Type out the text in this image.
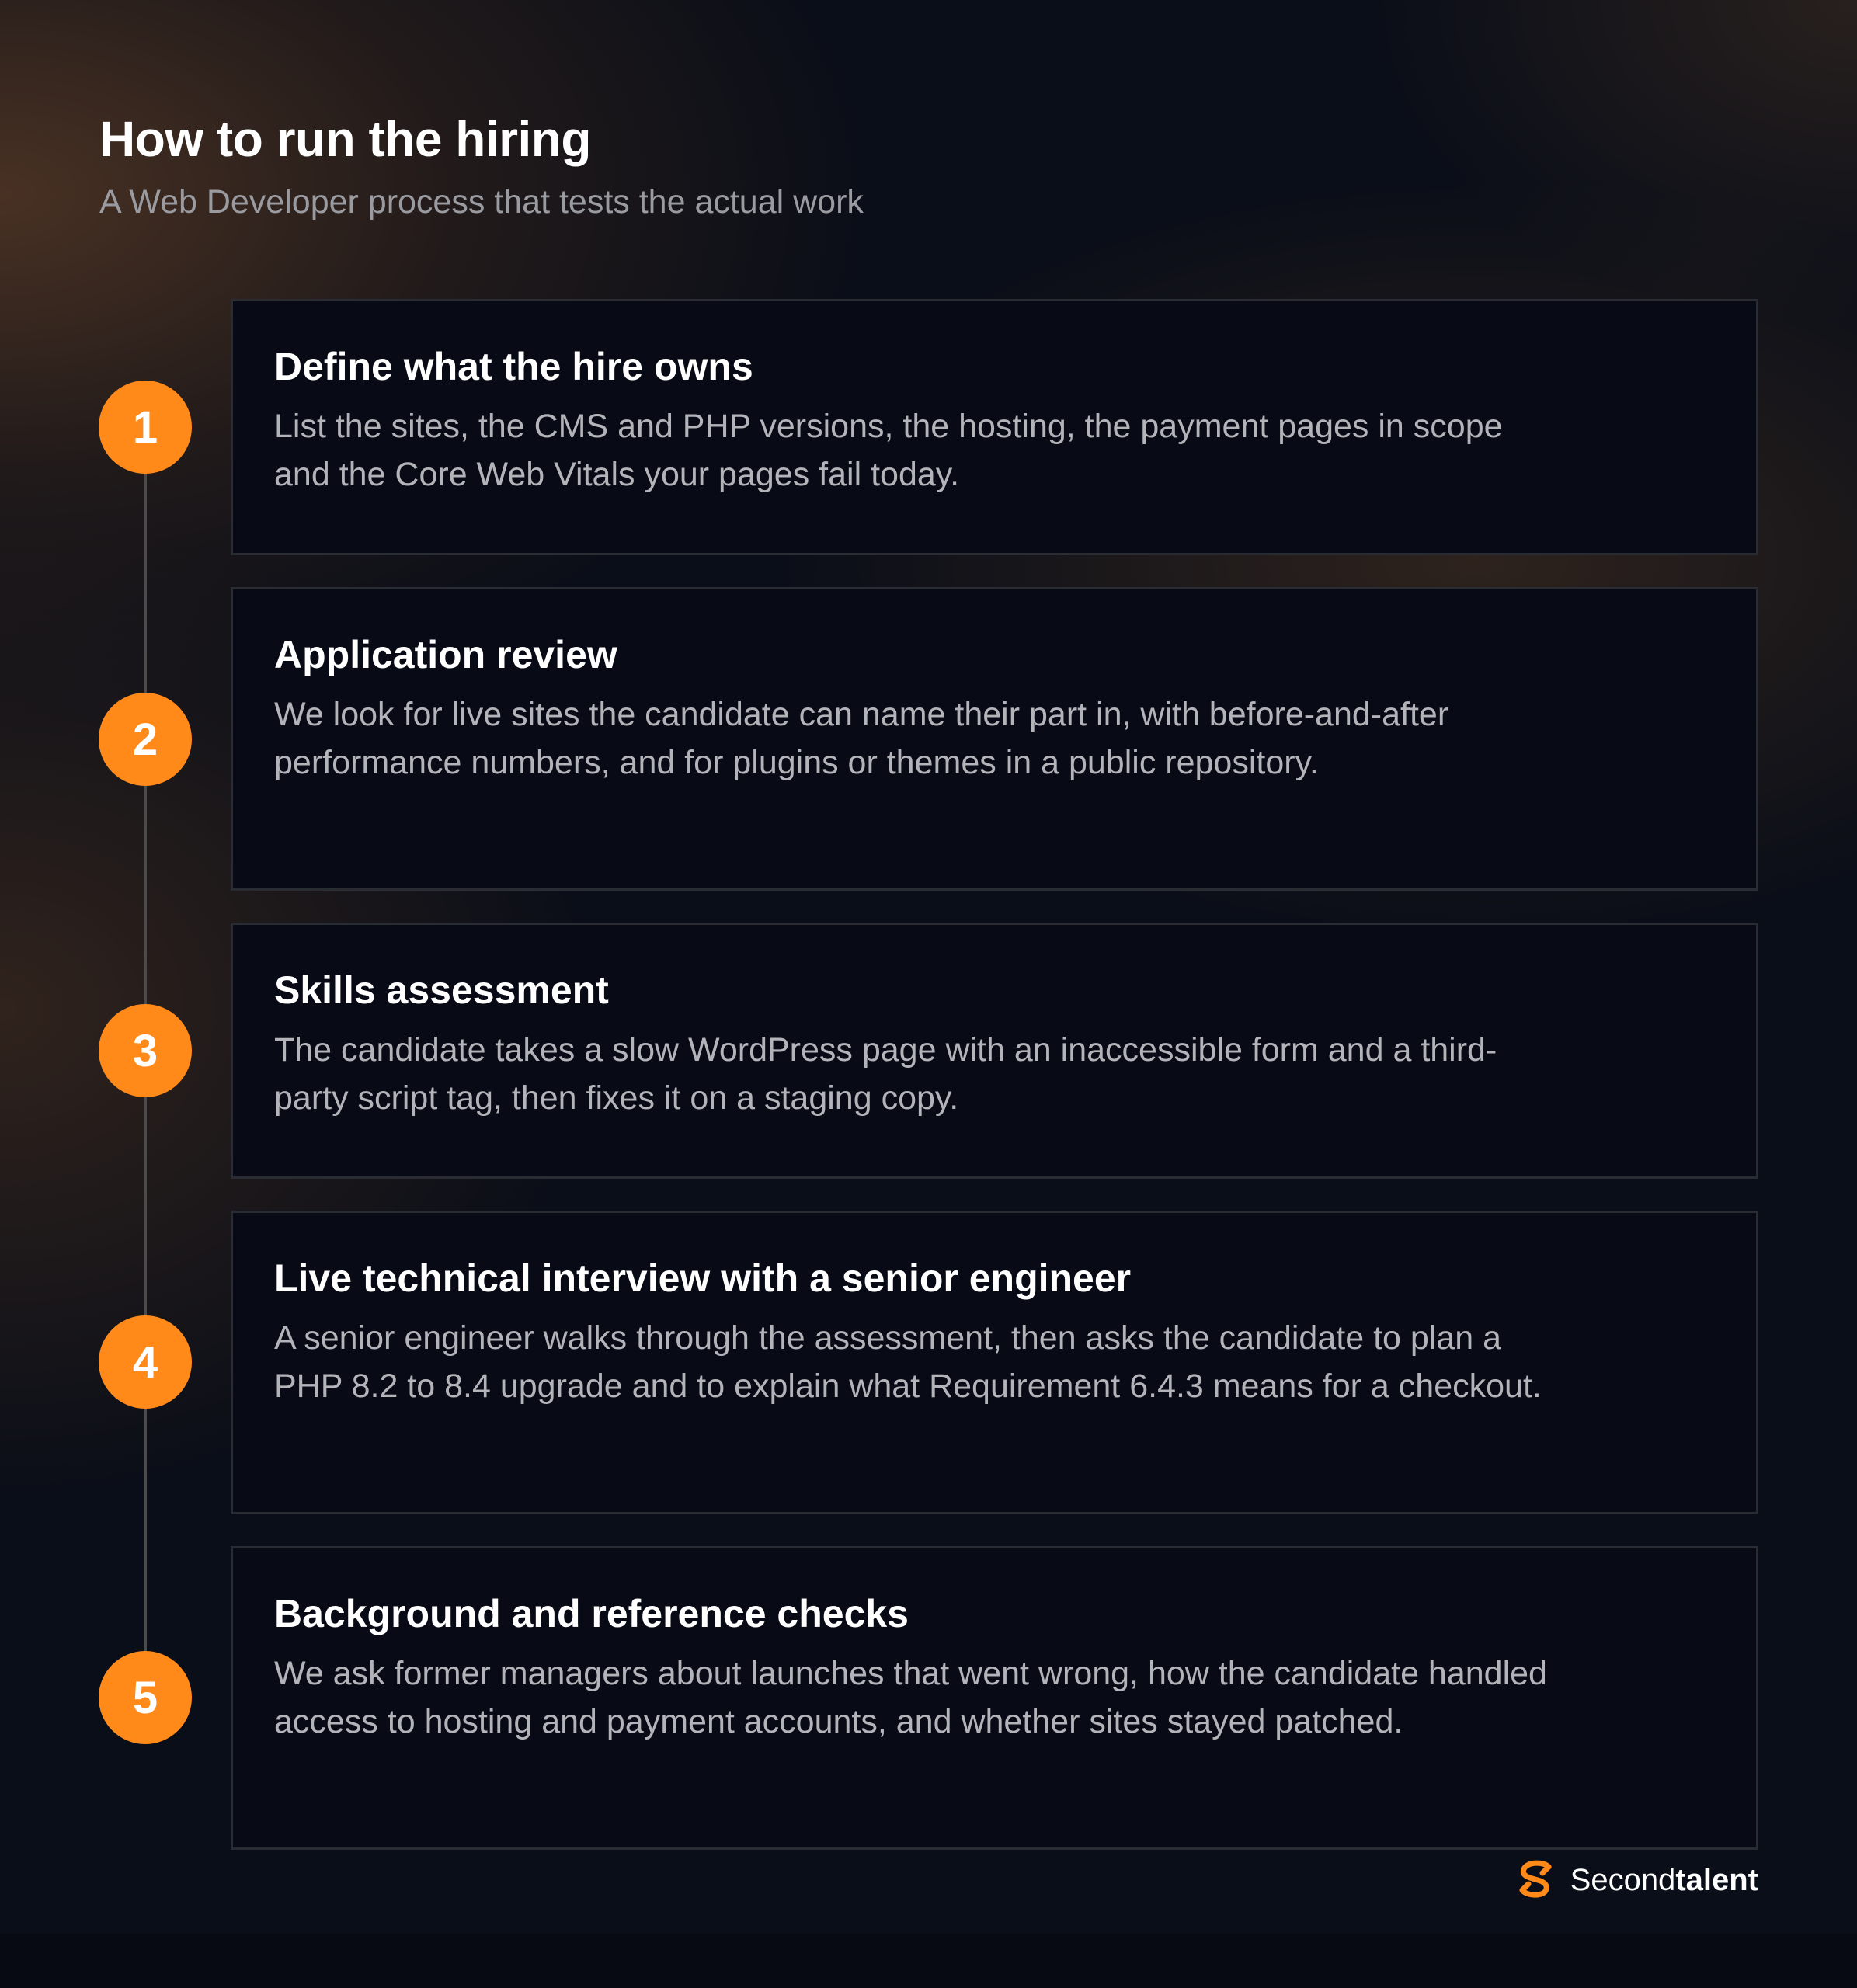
How to run the hiring

A Web Developer process that tests the actual work

Define what the hire owns

List the sites, the CMS and PHP versions, the hosting, the payment pages in scope and the Core Web Vitals your pages fail today.

1
Application review

We look for live sites the candidate can name their part in, with before-and-after performance numbers, and for plugins or themes in a public repository.

2
Skills assessment

The candidate takes a slow WordPress page with an inaccessible form and a third-party script tag, then fixes it on a staging copy.

3
Live technical interview with a senior engineer

A senior engineer walks through the assessment, then asks the candidate to plan a PHP 8.2 to 8.4 upgrade and to explain what Requirement 6.4.3 means for a checkout.

4
Background and reference checks

We ask former managers about launches that went wrong, how the candidate handled access to hosting and payment accounts, and whether sites stayed patched.

5
Secondtalent
